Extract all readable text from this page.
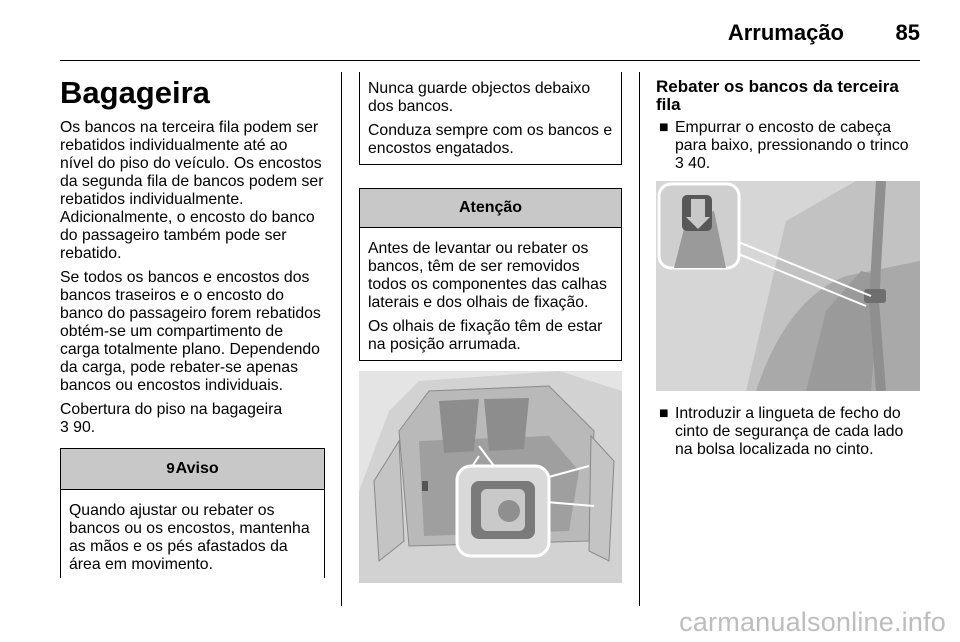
Arrumação 85
Bagageira

Os bancos na terceira fila podem ser rebatidos individualmente até ao nível do piso do veículo. Os encostos da segunda fila de bancos podem ser rebatidos individualmente.
Adicionalmente, o encosto do banco do passageiro também pode ser rebatido.

Se todos os bancos e encostos dos bancos traseiros e o encosto do banco do passageiro forem rebatidos obtém-se um compartimento de carga totalmente plano. Dependendo da carga, pode rebater-se apenas bancos ou encostos individuais.

Cobertura do piso na bagageira
3 90.

9Aviso
Quando ajustar ou rebater os bancos ou os encostos, mantenha as mãos e os pés afastados da área em movimento.

Nunca guarde objectos debaixo dos bancos.

Conduza sempre com os bancos e encostos engatados.

Atenção

Antes de levantar ou rebater os bancos, têm de ser removidos todos os componentes das calhas laterais e dos olhais de fixação.

Os olhais de fixação têm de estar na posição arrumada.

Rebater os bancos da terceira fila
■ Empurrar o encosto de cabeça para baixo, pressionando o trinco
3 40.
■ Introduzir a lingueta de fecho do cinto de segurança de cada lado na bolsa localizada no cinto.
carmanualsonline.info
